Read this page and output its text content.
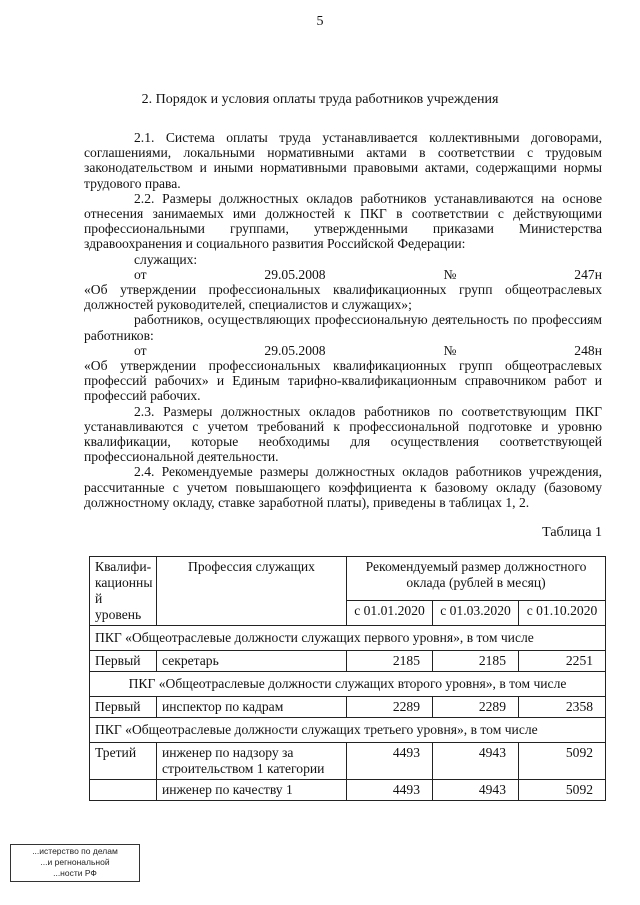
5
2. Порядок и условия оплаты труда работников учреждения

2.1. Система оплаты труда устанавливается коллективными договорами, соглашениями, локальными нормативными актами в соответствии с трудовым законодательством и иными нормативными правовыми актами, содержащими нормы трудового права.

2.2. Размеры должностных окладов работников устанавливаются на основе отнесения занимаемых ими должностей к ПКГ в соответствии с действующими профессиональными группами, утвержденными приказами Министерства здравоохранения и социального развития Российской Федерации:

служащих:

от	29.05.2008	№	247н

«Об утверждении профессиональных квалификационных групп общеотраслевых должностей руководителей, специалистов и служащих»;

работников, осуществляющих профессиональную деятельность по профессиям работников:

от	29.05.2008	№	248н

«Об утверждении профессиональных квалификационных групп общеотраслевых профессий рабочих» и Единым тарифно-квалификационным справочником работ и профессий рабочих.

2.3. Размеры должностных окладов работников по соответствующим ПКГ устанавливаются с учетом требований к профессиональной подготовке и уровню квалификации, которые необходимы для осуществления соответствующей профессиональной деятельности.

2.4. Рекомендуемые размеры должностных окладов работников учреждения, рассчитанные с учетом повышающего коэффициента к базовому окладу (базовому должностному окладу, ставке заработной платы), приведены в таблицах 1, 2.

Таблица 1
Квалифи-кационны й уровень	Профессия служащих	Рекомендуемый размер должностного оклада (рублей в месяц)		
		с 01.01.2020	с 01.03.2020	с 01.10.2020
ПКГ «Общеотраслевые должности служащих первого уровня», в том числе				
Первый	секретарь	2185	2185	2251
ПКГ «Общеотраслевые должности служащих второго уровня», в том числе				
Первый	инспектор по кадрам	2289	2289	2358
ПКГ «Общеотраслевые должности служащих третьего уровня», в том числе				
Третий	инженер по надзору за строительством 1 категории	4493	4943	5092
	инженер по качеству 1	4493	4943	5092
...истерство по делам
...и регнональной
...ности РФ
